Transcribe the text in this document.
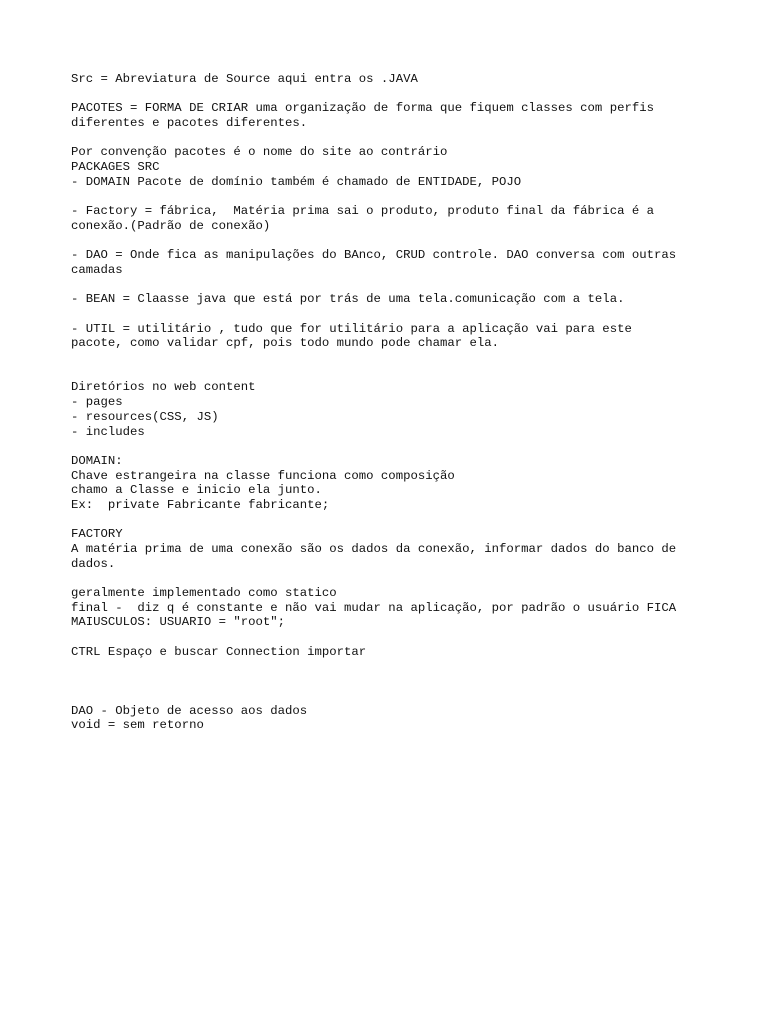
Src = Abreviatura de Source aqui entra os .JAVA
PACOTES = FORMA DE CRIAR uma organização de forma que fiquem classes com perfis
diferentes e pacotes diferentes.
Por convenção pacotes é o nome do site ao contrário
PACKAGES SRC
- DOMAIN Pacote de domínio também é chamado de ENTIDADE, POJO
- Factory = fábrica,  Matéria prima sai o produto, produto final da fábrica é a
conexão.(Padrão de conexão)
- DAO = Onde fica as manipulações do BAnco, CRUD controle. DAO conversa com outras
camadas
- BEAN = Claasse java que está por trás de uma tela.comunicação com a tela.
- UTIL = utilitário , tudo que for utilitário para a aplicação vai para este
pacote, como validar cpf, pois todo mundo pode chamar ela.
Diretórios no web content
- pages
- resources(CSS, JS)
- includes
DOMAIN:
Chave estrangeira na classe funciona como composição
chamo a Classe e inicio ela junto.
Ex:  private Fabricante fabricante;
FACTORY
A matéria prima de uma conexão são os dados da conexão, informar dados do banco de
dados.
geralmente implementado como statico
final -  diz q é constante e não vai mudar na aplicação, por padrão o usuário FICA
MAIUSCULOS: USUARIO = "root";
CTRL Espaço e buscar Connection importar
DAO - Objeto de acesso aos dados
void = sem retorno
